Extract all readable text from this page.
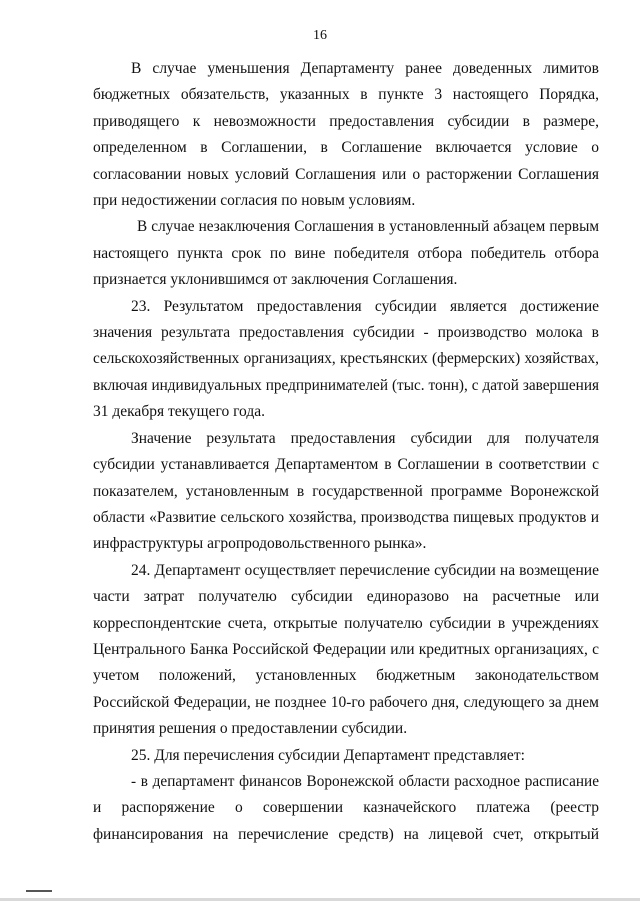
16

В случае уменьшения Департаменту ранее доведенных лимитов
бюджетных обязательств, указанных в пункте 3 настоящего Порядка,
приводящего к невозможности предоставления субсидии в размере,
определенном в Соглашении, в Соглашение включается условие о
согласовании новых условий Соглашения или о расторжении Соглашения
при недостижении согласия по новым условиям.

В случае незаключения Соглашения в установленный абзацем первым
настоящего пункта срок по вине победителя отбора победитель отбора
признается уклонившимся от заключения Соглашения.

23. Результатом предоставления субсидии является достижение
значения результата предоставления субсидии - производство молока в
сельскохозяйственных организациях, крестьянских (фермерских) хозяйствах,
включая индивидуальных предпринимателей (тыс. тонн), с датой завершения
31 декабря текущего года.

Значение результата предоставления субсидии для получателя
субсидии устанавливается Департаментом в Соглашении в соответствии с
показателем, установленным в государственной программе Воронежской
области «Развитие сельского хозяйства, производства пищевых продуктов и
инфраструктуры агропродовольственного рынка».

24. Департамент осуществляет перечисление субсидии на возмещение
части затрат получателю субсидии единоразово на расчетные или
корреспондентские счета, открытые получателю субсидии в учреждениях
Центрального Банка Российской Федерации или кредитных организациях, с
учетом положений, установленных бюджетным законодательством
Российской Федерации, не позднее 10-го рабочего дня, следующего за днем
принятия решения о предоставлении субсидии.

25. Для перечисления субсидии Департамент представляет:

- в департамент финансов Воронежской области расходное расписание
и распоряжение о совершении казначейского платежа (реестр
финансирования на перечисление средств) на лицевой счет, открытый
